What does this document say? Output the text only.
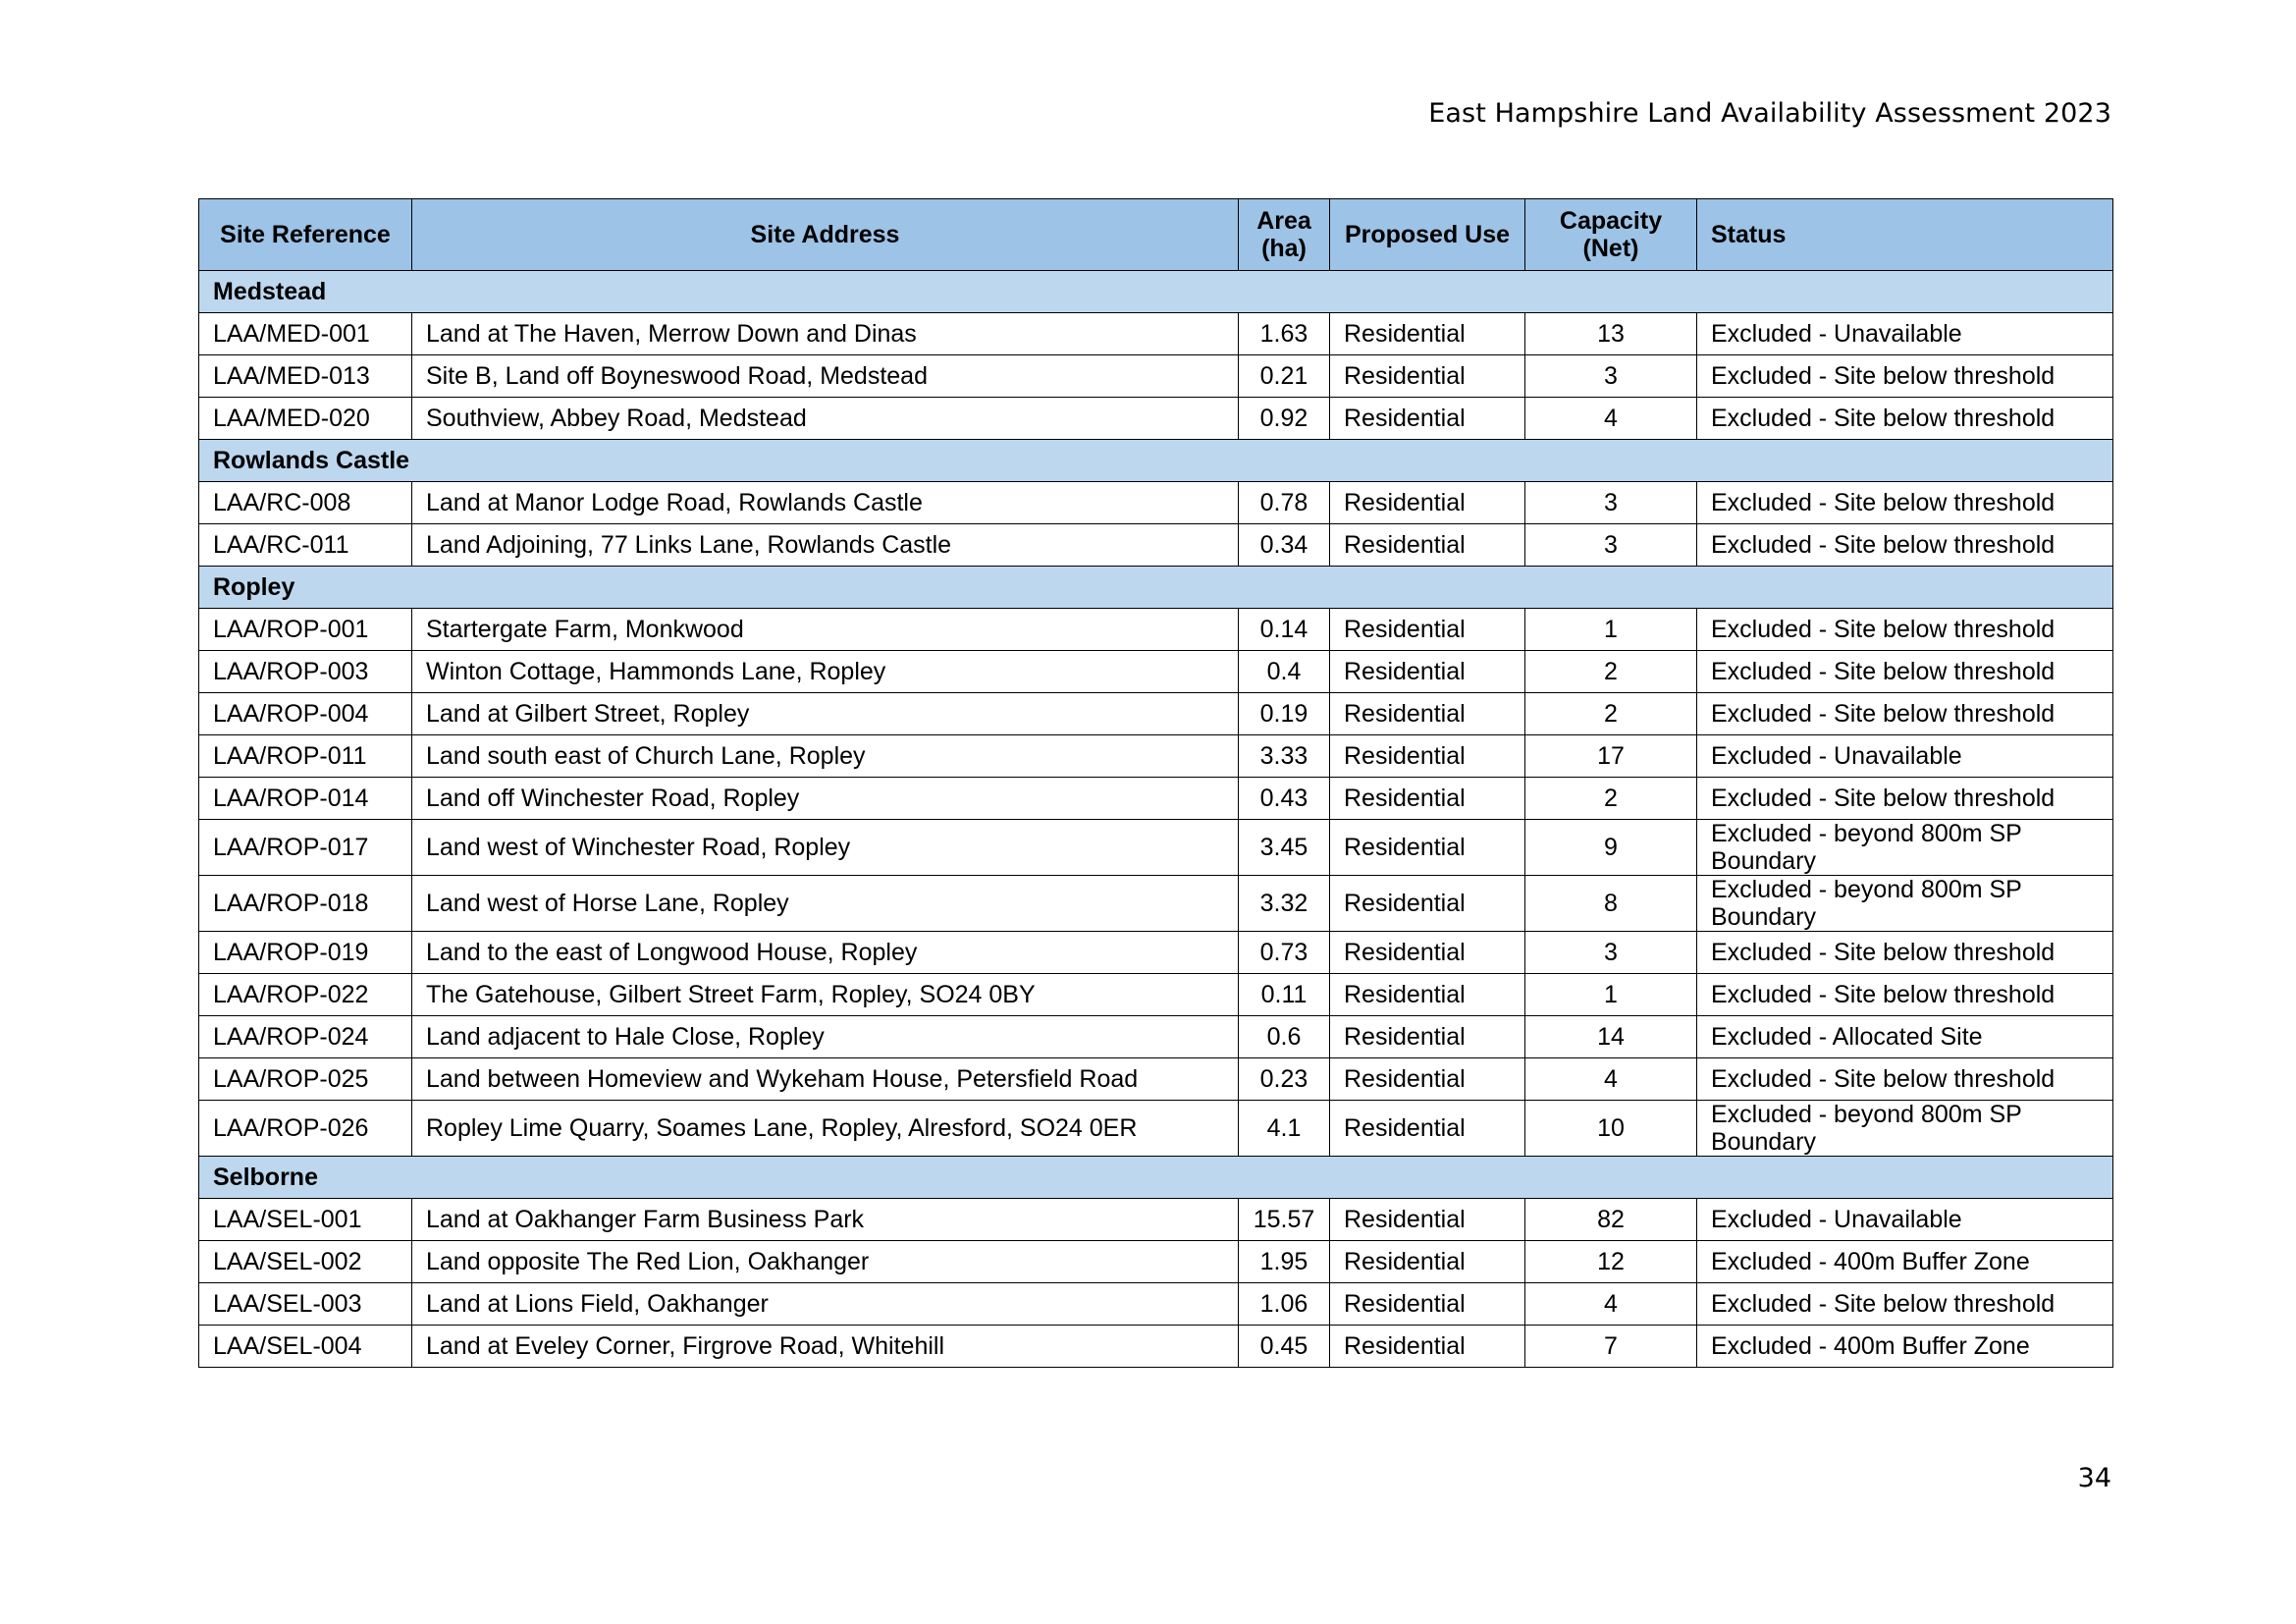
East Hampshire Land Availability Assessment 2023
Site Reference	Site Address	Area (ha)	Proposed Use	Capacity (Net)	Status
Medstead					
LAA/MED-001	Land at The Haven, Merrow Down and Dinas	1.63	Residential	13	Excluded - Unavailable
LAA/MED-013	Site B, Land off Boyneswood Road, Medstead	0.21	Residential	3	Excluded - Site below threshold
LAA/MED-020	Southview, Abbey Road, Medstead	0.92	Residential	4	Excluded - Site below threshold
Rowlands Castle					
LAA/RC-008	Land at Manor Lodge Road, Rowlands Castle	0.78	Residential	3	Excluded - Site below threshold
LAA/RC-011	Land Adjoining, 77 Links Lane, Rowlands Castle	0.34	Residential	3	Excluded - Site below threshold
Ropley					
LAA/ROP-001	Startergate Farm, Monkwood	0.14	Residential	1	Excluded - Site below threshold
LAA/ROP-003	Winton Cottage, Hammonds Lane, Ropley	0.4	Residential	2	Excluded - Site below threshold
LAA/ROP-004	Land at Gilbert Street, Ropley	0.19	Residential	2	Excluded - Site below threshold
LAA/ROP-011	Land south east of Church Lane, Ropley	3.33	Residential	17	Excluded - Unavailable
LAA/ROP-014	Land off Winchester Road, Ropley	0.43	Residential	2	Excluded - Site below threshold
LAA/ROP-017	Land west of Winchester Road, Ropley	3.45	Residential	9	Excluded - beyond 800m SP Boundary
LAA/ROP-018	Land west of Horse Lane, Ropley	3.32	Residential	8	Excluded - beyond 800m SP Boundary
LAA/ROP-019	Land to the east of Longwood House, Ropley	0.73	Residential	3	Excluded - Site below threshold
LAA/ROP-022	The Gatehouse, Gilbert Street Farm, Ropley, SO24 0BY	0.11	Residential	1	Excluded - Site below threshold
LAA/ROP-024	Land adjacent to Hale Close, Ropley	0.6	Residential	14	Excluded - Allocated Site
LAA/ROP-025	Land between Homeview and Wykeham House, Petersfield Road	0.23	Residential	4	Excluded - Site below threshold
LAA/ROP-026	Ropley Lime Quarry, Soames Lane, Ropley, Alresford, SO24 0ER	4.1	Residential	10	Excluded - beyond 800m SP Boundary
Selborne					
LAA/SEL-001	Land at Oakhanger Farm Business Park	15.57	Residential	82	Excluded - Unavailable
LAA/SEL-002	Land opposite The Red Lion, Oakhanger	1.95	Residential	12	Excluded - 400m Buffer Zone
LAA/SEL-003	Land at Lions Field, Oakhanger	1.06	Residential	4	Excluded - Site below threshold
LAA/SEL-004	Land at Eveley Corner, Firgrove Road, Whitehill	0.45	Residential	7	Excluded - 400m Buffer Zone
34
